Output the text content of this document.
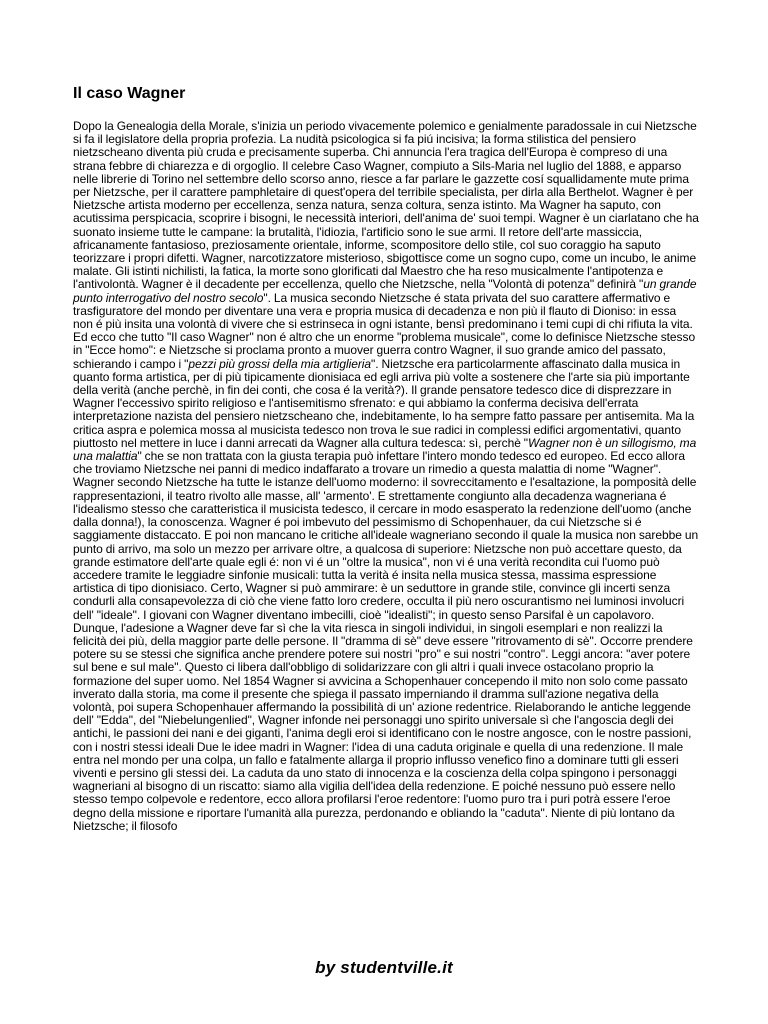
Il caso Wagner
Dopo la Genealogia della Morale, s'inizia un periodo vivacemente polemico e genialmente paradossale in cui Nietzsche si fa il legislatore della propria profezia. La nudità psicologica si fa piú incisiva; la forma stilistica del pensiero nietzscheano diventa più cruda e precisamente superba. Chi annuncia l'era tragica dell'Europa è compreso di una strana febbre di chiarezza e di orgoglio. Il celebre Caso Wagner, compiuto a Sils-Maria nel luglio del 1888, e apparso nelle librerie di Torino nel settembre dello scorso anno, riesce a far parlare le gazzette cosí squallidamente mute prima per Nietzsche, per il carattere pamphletaire di quest'opera del terribile specialista, per dirla alla Berthelot. Wagner è per Nietzsche artista moderno per eccellenza, senza natura, senza coltura, senza istinto. Ma Wagner ha saputo, con acutissima perspicacia, scoprire i bisogni, le necessità interiori, dell'anima de' suoi tempi. Wagner è un ciarlatano che ha suonato insieme tutte le campane: la brutalità, l'idiozia, l'artificio sono le sue armi. Il retore dell'arte massiccia, africanamente fantasioso, preziosamente orientale, informe, scompositore dello stile, col suo coraggio ha saputo teorizzare i propri difetti. Wagner, narcotizzatore misterioso, sbigottisce come un sogno cupo, come un incubo, le anime malate. Gli istinti nichilisti, la fatica, la morte sono glorificati dal Maestro che ha reso musicalmente l'antipotenza e l'antivolontà. Wagner è il decadente per eccellenza, quello che Nietzsche, nella "Volontà di potenza" definirà "un grande punto interrogativo del nostro secolo". La musica secondo Nietzsche é stata privata del suo carattere affermativo e trasfiguratore del mondo per diventare una vera e propria musica di decadenza e non più il flauto di Dioniso: in essa non é più insita una volontà di vivere che si estrinseca in ogni istante, bensì predominano i temi cupi di chi rifiuta la vita. Ed ecco che tutto "Il caso Wagner" non é altro che un enorme "problema musicale", come lo definisce Nietzsche stesso in "Ecce homo": e Nietzsche si proclama pronto a muover guerra contro Wagner, il suo grande amico del passato, schierando i campo i "pezzi più grossi della mia artiglieria". Nietzsche era particolarmente affascinato dalla musica in quanto forma artistica, per di più tipicamente dionisiaca ed egli arriva più volte a sostenere che l'arte sia più importante della verità (anche perchè, in fin dei conti, che cosa é la verità?). Il grande pensatore tedesco dice di disprezzare in Wagner l'eccessivo spirito religioso e l'antisemitismo sfrenato: e qui abbiamo la conferma decisiva dell'errata interpretazione nazista del pensiero nietzscheano che, indebitamente, lo ha sempre fatto passare per antisemita. Ma la critica aspra e polemica mossa al musicista tedesco non trova le sue radici in complessi edifici argomentativi, quanto piuttosto nel mettere in luce i danni arrecati da Wagner alla cultura tedesca: sì, perchè "Wagner non è un sillogismo, ma una malattia" che se non trattata con la giusta terapia può infettare l'intero mondo tedesco ed europeo. Ed ecco allora che troviamo Nietzsche nei panni di medico indaffarato a trovare un rimedio a questa malattia di nome "Wagner". Wagner secondo Nietzsche ha tutte le istanze dell'uomo moderno: il sovreccitamento e l'esaltazione, la pomposità delle rappresentazioni, il teatro rivolto alle masse, all' 'armento'. E strettamente congiunto alla decadenza wagneriana é l'idealismo stesso che caratteristica il musicista tedesco, il cercare in modo esasperato la redenzione dell'uomo (anche dalla donna!), la conoscenza. Wagner é poi imbevuto del pessimismo di Schopenhauer, da cui Nietzsche si é saggiamente distaccato. E poi non mancano le critiche all'ideale wagneriano secondo il quale la musica non sarebbe un punto di arrivo, ma solo un mezzo per arrivare oltre, a qualcosa di superiore: Nietzsche non può accettare questo, da grande estimatore dell'arte quale egli é: non vi é un "oltre la musica", non vi é una verità recondita cui l'uomo può accedere tramite le leggiadre sinfonie musicali: tutta la verità é insita nella musica stessa, massima espressione artistica di tipo dionisiaco. Certo, Wagner si può ammirare: è un seduttore in grande stile, convince gli incerti senza condurli alla consapevolezza di ciò che viene fatto loro credere, occulta il più nero oscurantismo nei luminosi involucri dell' "ideale". I giovani con Wagner diventano imbecilli, cioè "idealisti"; in questo senso Parsifal è un capolavoro. Dunque, l'adesione a Wagner deve far sì che la vita riesca in singoli individui, in singoli esemplari e non realizzi la felicità dei più, della maggior parte delle persone. Il "dramma di sè" deve essere "ritrovamento di sè". Occorre prendere potere su se stessi che significa anche prendere potere sui nostri "pro" e sui nostri "contro". Leggi ancora: "aver potere sul bene e sul male". Questo ci libera dall'obbligo di solidarizzare con gli altri i quali invece ostacolano proprio la formazione del super uomo. Nel 1854 Wagner si avvicina a Schopenhauer concependo il mito non solo come passato inverato dalla storia, ma come il presente che spiega il passato imperniando il dramma sull'azione negativa della volontà, poi supera Schopenhauer affermando la possibilità di un' azione redentrice. Rielaborando le antiche leggende dell' "Edda", del "Niebelungenlied", Wagner infonde nei personaggi uno spirito universale sì che l'angoscia degli dei antichi, le passioni dei nani e dei giganti, l'anima degli eroi si identificano con le nostre angosce, con le nostre passioni, con i nostri stessi ideali Due le idee madri in Wagner: l'idea di una caduta originale e quella di una redenzione. Il male entra nel mondo per una colpa, un fallo e fatalmente allarga il proprio influsso venefico fino a dominare tutti gli esseri viventi e persino gli stessi dei. La caduta da uno stato di innocenza e la coscienza della colpa spingono i personaggi wagneriani al bisogno di un riscatto: siamo alla vigilia dell'idea della redenzione. E poiché nessuno può essere nello stesso tempo colpevole e redentore, ecco allora profilarsi l'eroe redentore: l'uomo puro tra i puri potrà essere l'eroe degno della missione e riportare l'umanità alla purezza, perdonando e obliando la "caduta". Niente di più lontano da Nietzsche; il filosofo
by studentville.it
